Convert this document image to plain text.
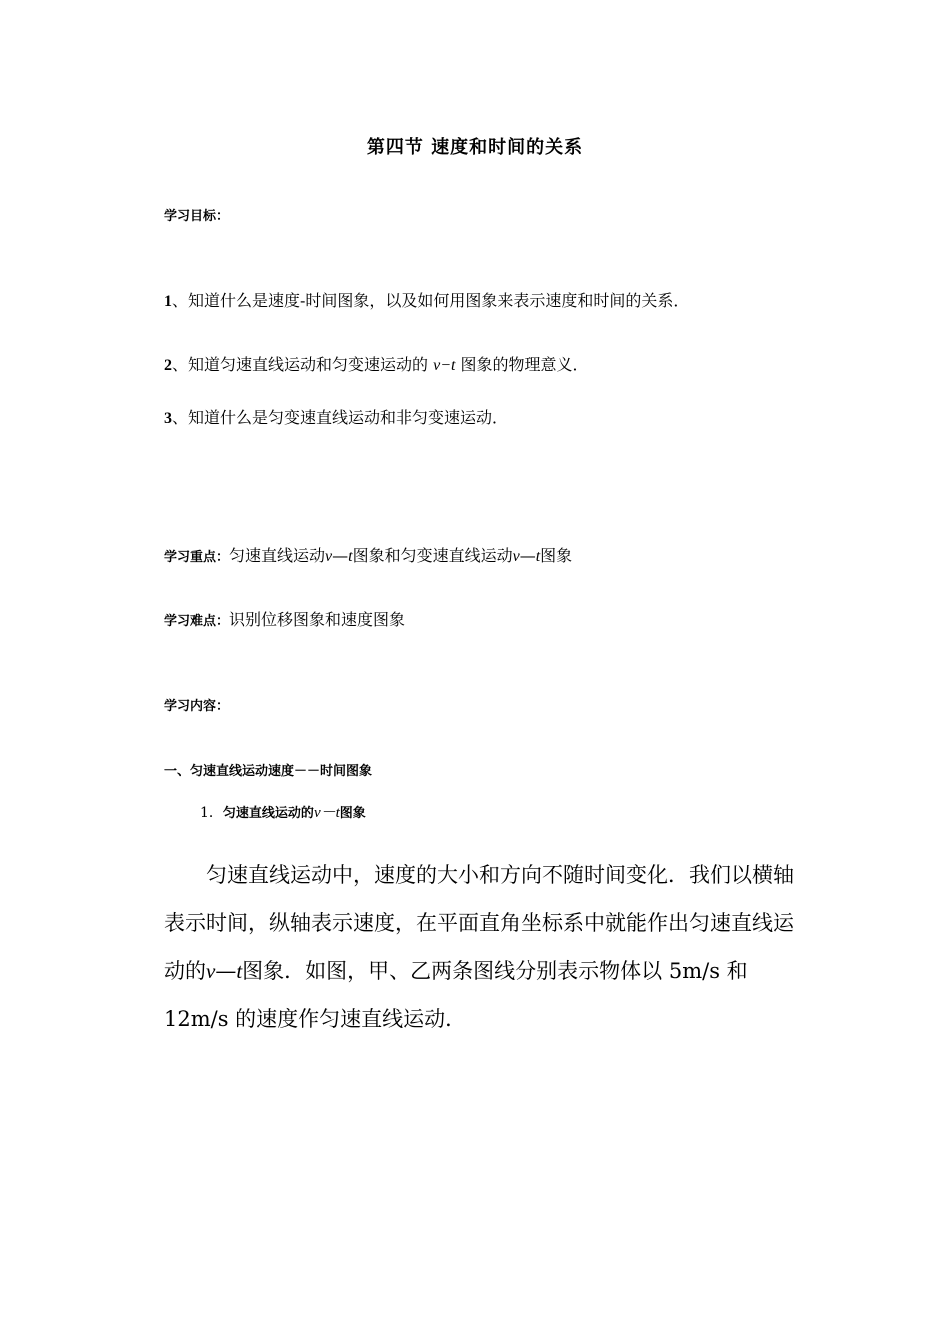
第四节 速度和时间的关系
学习目标：
1、知道什么是速度-时间图象，以及如何用图象来表示速度和时间的关系．
2、知道匀速直线运动和匀变速运动的 v−t 图象的物理意义．
3、知道什么是匀变速直线运动和非匀变速运动．
学习重点：匀速直线运动v—t图象和匀变速直线运动v—t图象
学习难点：识别位移图象和速度图象
学习内容：
一、匀速直线运动速度－－时间图象
1．匀速直线运动的v－t图象
匀速直线运动中，速度的大小和方向不随时间变化．我们以横轴表示时间，纵轴表示速度，在平面直角坐标系中就能作出匀速直线运动的v—t图象．如图，甲、乙两条图线分别表示物体以 5m/s 和 12m/s 的速度作匀速直线运动．
